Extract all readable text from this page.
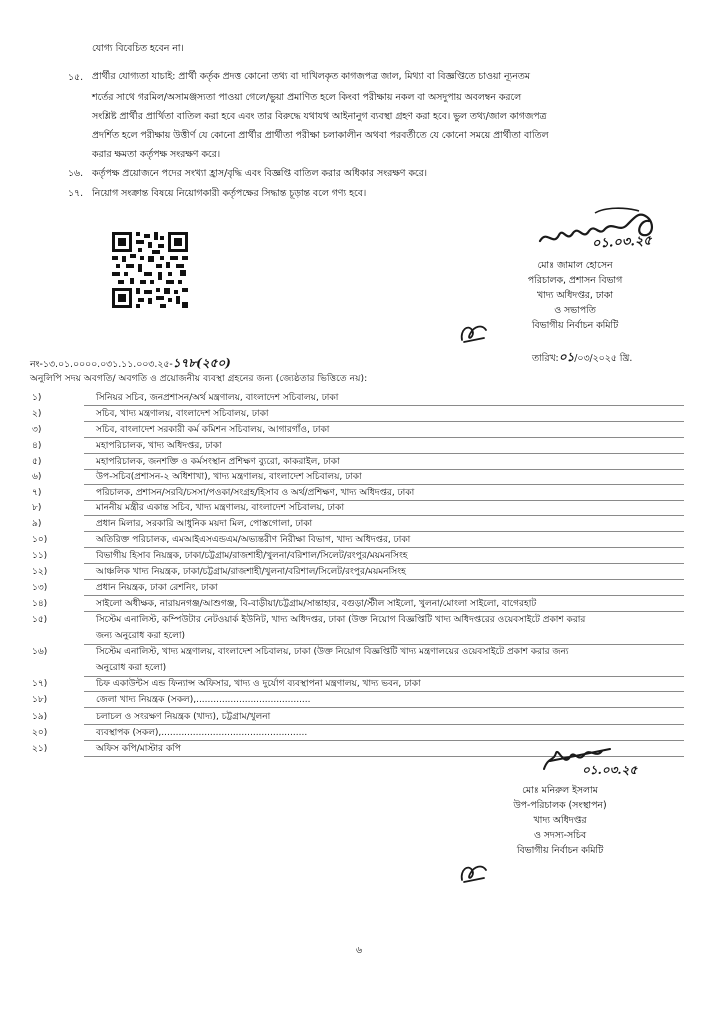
যোগ্য বিবেচিত হবেন না।
১৫. প্রার্থীর যোগ্যতা যাচাই: প্রার্থী কর্তৃক প্রদত্ত কোনো তথ্য বা দাখিলকৃত কাগজপত্র জাল, মিথ্যা বা বিজ্ঞপ্তিতে চাওয়া ন্যূনতম
শর্তের সাথে গরমিল/অসামঞ্জস্যতা পাওয়া গেলে/ভুয়া প্রমাণিত হলে কিংবা পরীক্ষায় নকল বা অসদুপায় অবলম্বন করলে
সংশ্লিষ্ট প্রার্থীর প্রার্থিতা বাতিল করা হবে এবং তার বিরুদ্ধে যথাযথ আইনানুগ ব্যবস্থা গ্রহণ করা হবে। ভুল তথ্য/জাল কাগজপত্র
প্রদর্শিত হলে পরীক্ষায় উত্তীর্ণ যে কোনো প্রার্থীর প্রার্থীতা পরীক্ষা চলাকালীন অথবা পরবর্তীতে যে কোনো সময়ে প্রার্থীতা বাতিল
করার ক্ষমতা কর্তৃপক্ষ সংরক্ষণ করে।
১৬. কর্তৃপক্ষ প্রয়োজনে পদের সংখ্যা হ্রাস/বৃদ্ধি এবং বিজ্ঞপ্তি বাতিল করার অধিকার সংরক্ষণ করে।
১৭. নিয়োগ সংক্রান্ত বিষয়ে নিয়োগকারী কর্তৃপক্ষের সিদ্ধান্ত চূড়ান্ত বলে গণ্য হবে।
০১.০৩.২৫
মোঃ জামাল হোসেন
পরিচালক, প্রশাসন বিভাগ
খাদ্য অধিদপ্তর, ঢাকা
ও সভাপতি
বিভাগীয় নির্বাচন কমিটি
নং-১৩.০১.০০০০.০৩১.১১.০০৩.২৫-১৭৮(২৫০)	তারিখ:০১/০৩/২০২৫ খ্রি.
অনুলিপি সদয় অবগতি/ অবগতি ও প্রয়োজনীয় ব্যবস্থা গ্রহনের জন্য (জ্যেষ্ঠতার ভিত্তিতে নয়):
১)	সিনিয়র সচিব, জনপ্রশাসন/অর্থ মন্ত্রণালয়, বাংলাদেশ সচিবালয়, ঢাকা
২)	সচিব, খাদ্য মন্ত্রণালয়, বাংলাদেশ সচিবালয়, ঢাকা
৩)	সচিব, বাংলাদেশ সরকারী কর্ম কমিশন সচিবালয়, আগারগাঁও, ঢাকা
৪)	মহাপরিচালক, খাদ্য অধিদপ্তর, ঢাকা
৫)	মহাপরিচালক, জনশক্তি ও কর্মসংস্থান প্রশিক্ষণ ব্যুরো, কাকরাইল, ঢাকা
৬)	উপ-সচিব(প্রশাসন-২ অধিশাখা), খাদ্য মন্ত্রণালয়, বাংলাদেশ সচিবালয়, ঢাকা
৭)	পরিচালক, প্রশাসন/সরবি/চসসা/পওকা/সংগ্রহ/হিসাব ও অর্থ/প্রশিক্ষণ, খাদ্য অধিদপ্তর, ঢাকা
৮)	মাননীয় মন্ত্রীর একান্ত সচিব, খাদ্য মন্ত্রণালয়, বাংলাদেশ সচিবালয়, ঢাকা
৯)	প্রধান মিলার, সরকারি আধুনিক ময়দা মিল, পোস্তগোলা, ঢাকা
১০)	অতিরিক্ত পরিচালক, এমআইএসএন্ডএম/অভ্যন্তরীণ নিরীক্ষা বিভাগ, খাদ্য অধিদপ্তর, ঢাকা
১১)	বিভাগীয় হিসাব নিয়ন্ত্রক, ঢাকা/চট্টগ্রাম/রাজশাহী/খুলনা/বরিশাল/সিলেট/রংপুর/ময়মনসিংহ
১২)	আঞ্চলিক খাদ্য নিয়ন্ত্রক, ঢাকা/চট্টগ্রাম/রাজশাহী/খুলনা/বরিশাল/সিলেট/রংপুর/ময়মনসিংহ
১৩)	প্রধান নিয়ন্ত্রক, ঢাকা রেশনিং, ঢাকা
১৪)	সাইলো অধীক্ষক, নারায়নগঞ্জ/আশুগঞ্জ, বি-বাড়ীয়া/চট্টগ্রাম/সান্তাহার, বগুড়া/স্টীল সাইলো, খুলনা/মোংলা সাইলো, বাগেরহাট
১৫)	সিস্টেম এনালিস্ট, কম্পিউটার নেটওয়ার্ক ইউনিট, খাদ্য অধিদপ্তর, ঢাকা (উক্ত নিয়োগ বিজ্ঞপ্তিটি খাদ্য অধিদপ্তরের ওয়েবসাইটে প্রকাশ করার
জন্য অনুরোধ করা হলো)
১৬)	সিস্টেম এনালিস্ট, খাদ্য মন্ত্রণালয়, বাংলাদেশ সচিবালয়, ঢাকা (উক্ত নিয়োগ বিজ্ঞপ্তিটি খাদ্য মন্ত্রণালয়ের ওয়েবসাইটে প্রকাশ করার জন্য
অনুরোধ করা হলো)
১৭)	চিফ একাউন্টস এন্ড ফিন্যান্স অফিসার, খাদ্য ও দুর্যোগ ব্যবস্থাপনা মন্ত্রণালয়, খাদ্য ভবন, ঢাকা
১৮)	জেলা খাদ্য নিয়ন্ত্রক (সকল),........................................
১৯)	চলাচল ও সংরক্ষণ নিয়ন্ত্রক (খাদ্য), চট্টগ্রাম/খুলনা
২০)	ব্যবস্থাপক (সকল),...................................................
২১)	অফিস কপি/মাস্টার কপি
০১.০৩.২৫
মোঃ মনিরুল ইসলাম
উপ-পরিচালক (সংস্থাপন)
খাদ্য অধিদপ্তর
ও সদস্য-সচিব
বিভাগীয় নির্বাচন কমিটি
৬
